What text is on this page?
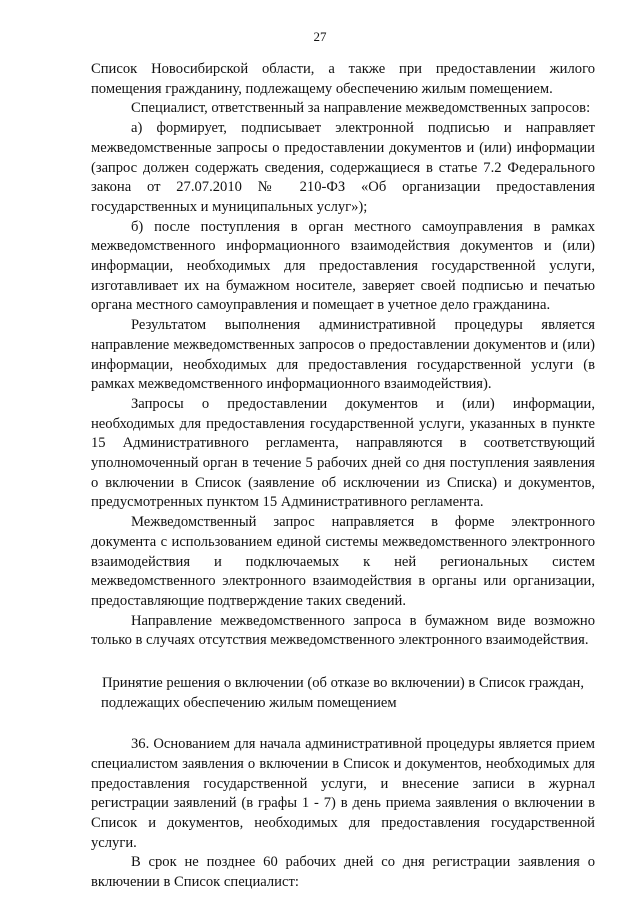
27

Список Новосибирской области, а также при предоставлении жилого помещения гражданину, подлежащему обеспечению жилым помещением.

Специалист, ответственный за направление межведомственных запросов:

а) формирует, подписывает электронной подписью и направляет межведомственные запросы о предоставлении документов и (или) информации (запрос должен содержать сведения, содержащиеся в статье 7.2 Федерального закона от 27.07.2010 № 210-ФЗ «Об организации предоставления государственных и муниципальных услуг»);

б) после поступления в орган местного самоуправления в рамках межведомственного информационного взаимодействия документов и (или) информации, необходимых для предоставления государственной услуги, изготавливает их на бумажном носителе, заверяет своей подписью и печатью органа местного самоуправления и помещает в учетное дело гражданина.

Результатом выполнения административной процедуры является направление межведомственных запросов о предоставлении документов и (или) информации, необходимых для предоставления государственной услуги (в рамках межведомственного информационного взаимодействия).

Запросы о предоставлении документов и (или) информации, необходимых для предоставления государственной услуги, указанных в пункте 15 Административного регламента, направляются в соответствующий уполномоченный орган в течение 5 рабочих дней со дня поступления заявления о включении в Список (заявление об исключении из Списка) и документов, предусмотренных пунктом 15 Административного регламента.

Межведомственный запрос направляется в форме электронного документа с использованием единой системы межведомственного электронного взаимодействия и подключаемых к ней региональных систем межведомственного электронного взаимодействия в органы или организации, предоставляющие подтверждение таких сведений.

Направление межведомственного запроса в бумажном виде возможно только в случаях отсутствия межведомственного электронного взаимодействия.

Принятие решения о включении (об отказе во включении) в Список граждан, подлежащих обеспечению жилым помещением

36. Основанием для начала административной процедуры является прием специалистом заявления о включении в Список и документов, необходимых для предоставления государственной услуги, и внесение записи в журнал регистрации заявлений (в графы 1 - 7) в день приема заявления о включении в Список и документов, необходимых для предоставления государственной услуги.

В срок не позднее 60 рабочих дней со дня регистрации заявления о включении в Список специалист:
